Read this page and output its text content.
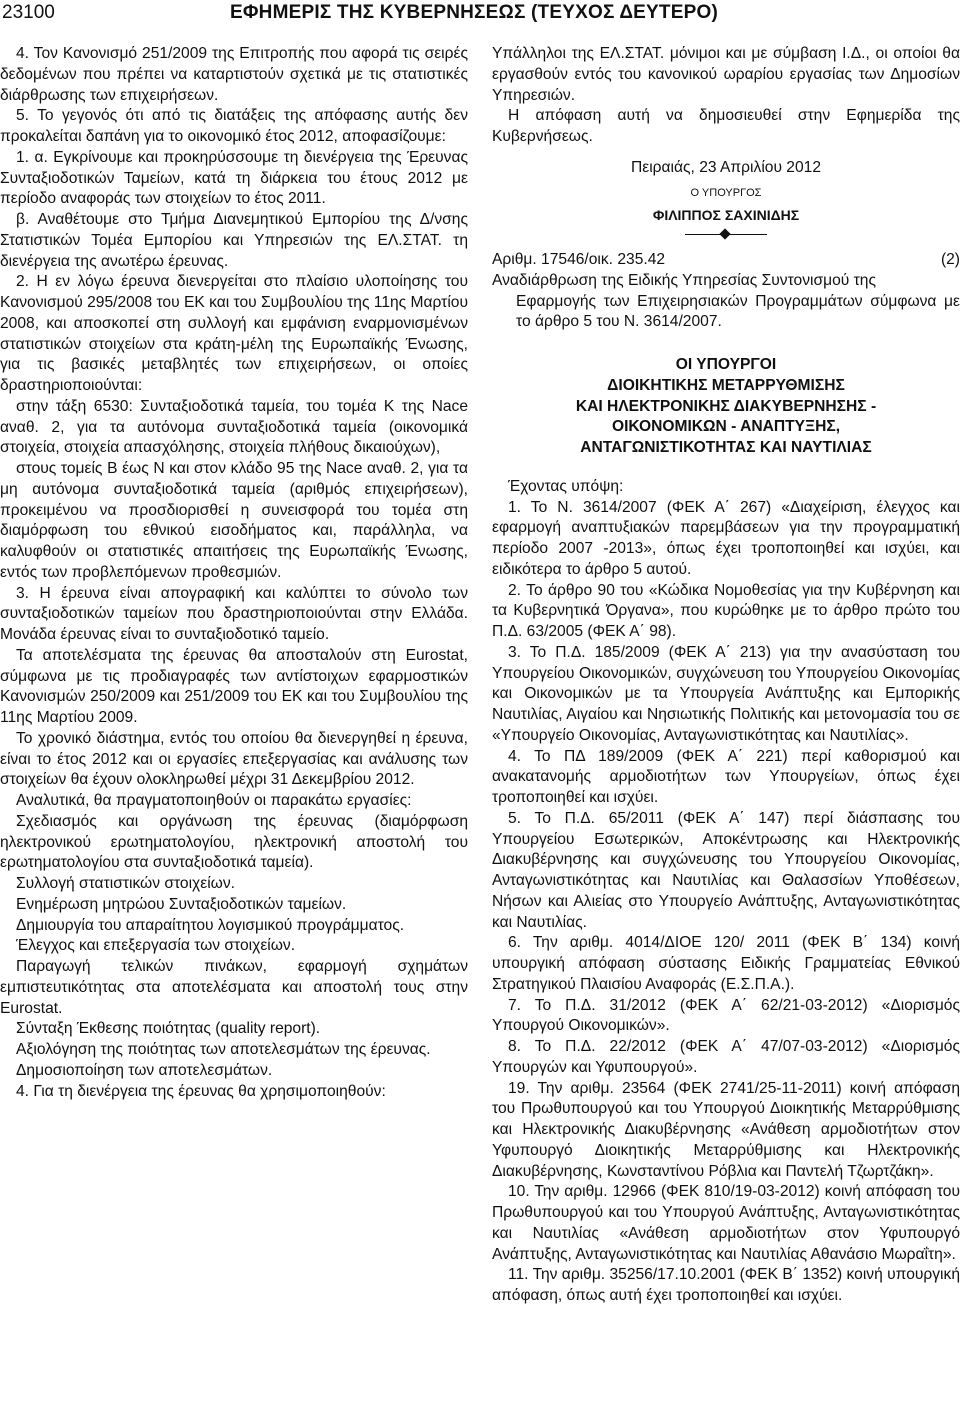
23100	ΕΦΗΜΕΡΙΣ ΤΗΣ ΚΥΒΕΡΝΗΣΕΩΣ (ΤΕΥΧΟΣ ΔΕΥΤΕΡΟ)

4. Τον Κανονισμό 251/2009 της Επιτροπής που αφορά τις σειρές δεδομένων που πρέπει να καταρτιστούν σχετικά με τις στατιστικές διάρθρωσης των επιχειρήσεων.

5. Το γεγονός ότι από τις διατάξεις της απόφασης αυτής δεν προκαλείται δαπάνη για το οικονομικό έτος 2012, αποφασίζουμε:

1. α. Εγκρίνουμε και προκηρύσσουμε τη διενέργεια της Έρευνας Συνταξιοδοτικών Ταμείων, κατά τη διάρκεια του έτους 2012 με περίοδο αναφοράς των στοιχείων το έτος 2011.

β. Αναθέτουμε στο Τμήμα Διανεμητικού Εμπορίου της Δ/νσης Στατιστικών Τομέα Εμπορίου και Υπηρεσιών της ΕΛ.ΣΤΑΤ. τη διενέργεια της ανωτέρω έρευνας.

2. Η εν λόγω έρευνα διενεργείται στο πλαίσιο υλοποίησης του Κανονισμού 295/2008 του ΕΚ και του Συμβουλίου της 11ης Μαρτίου 2008, και αποσκοπεί στη συλλογή και εμφάνιση εναρμονισμένων στατιστικών στοιχείων στα κράτη-μέλη της Ευρωπαϊκής Ένωσης, για τις βασικές μεταβλητές των επιχειρήσεων, οι οποίες δραστηριοποιούνται:

στην τάξη 6530: Συνταξιοδοτικά ταμεία, του τομέα Κ της Nace αναθ. 2, για τα αυτόνομα συνταξιοδοτικά ταμεία (οικονομικά στοιχεία, στοιχεία απασχόλησης, στοιχεία πλήθους δικαιούχων),

στους τομείς Β έως Ν και στον κλάδο 95 της Nace αναθ. 2, για τα μη αυτόνομα συνταξιοδοτικά ταμεία (αριθμός επιχειρήσεων), προκειμένου να προσδιορισθεί η συνεισφορά του τομέα στη διαμόρφωση του εθνικού εισοδήματος και, παράλληλα, να καλυφθούν οι στατιστικές απαιτήσεις της Ευρωπαϊκής Ένωσης, εντός των προβλεπόμενων προθεσμιών.

3. Η έρευνα είναι απογραφική και καλύπτει το σύνολο των συνταξιοδοτικών ταμείων που δραστηριοποιούνται στην Ελλάδα. Μονάδα έρευνας είναι το συνταξιοδοτικό ταμείο.

Τα αποτελέσματα της έρευνας θα αποσταλούν στη Eurostat, σύμφωνα με τις προδιαγραφές των αντίστοιχων εφαρμοστικών Κανονισμών 250/2009 και 251/2009 του ΕΚ και του Συμβουλίου της 11ης Μαρτίου 2009.

Το χρονικό διάστημα, εντός του οποίου θα διενεργηθεί η έρευνα, είναι το έτος 2012 και οι εργασίες επεξεργασίας και ανάλυσης των στοιχείων θα έχουν ολοκληρωθεί μέχρι 31 Δεκεμβρίου 2012.

Αναλυτικά, θα πραγματοποιηθούν οι παρακάτω εργασίες:

Σχεδιασμός και οργάνωση της έρευνας (διαμόρφωση ηλεκτρονικού ερωτηματολογίου, ηλεκτρονική αποστολή του ερωτηματολογίου στα συνταξιοδοτικά ταμεία).

Συλλογή στατιστικών στοιχείων.

Ενημέρωση μητρώου Συνταξιοδοτικών ταμείων.

Δημιουργία του απαραίτητου λογισμικού προγράμματος.

Έλεγχος και επεξεργασία των στοιχείων.

Παραγωγή τελικών πινάκων, εφαρμογή σχημάτων εμπιστευτικότητας στα αποτελέσματα και αποστολή τους στην Eurostat.

Σύνταξη Έκθεσης ποιότητας (quality report).

Αξιολόγηση της ποιότητας των αποτελεσμάτων της έρευνας.

Δημοσιοποίηση των αποτελεσμάτων.

4. Για τη διενέργεια της έρευνας θα χρησιμοποιηθούν:

Υπάλληλοι της ΕΛ.ΣΤΑΤ. μόνιμοι και με σύμβαση Ι.Δ., οι οποίοι θα εργασθούν εντός του κανονικού ωραρίου εργασίας των Δημοσίων Υπηρεσιών.

Η απόφαση αυτή να δημοσιευθεί στην Εφημερίδα της Κυβερνήσεως.

Πειραιάς, 23 Απριλίου 2012

Ο ΥΠΟΥΡΓΟΣ

ΦΙΛΙΠΠΟΣ ΣΑΧΙΝΙΔΗΣ

Αριθμ. 17546/οικ. 235.42	(2)

Αναδιάρθρωση της Ειδικής Υπηρεσίας Συντονισμού της

Εφαρμογής των Επιχειρησιακών Προγραμμάτων σύμφωνα με το άρθρο 5 του Ν. 3614/2007.

ΟΙ ΥΠΟΥΡΓΟΙ
ΔΙΟΙΚΗΤΙΚΗΣ ΜΕΤΑΡΡΥΘΜΙΣΗΣ
ΚΑΙ ΗΛΕΚΤΡΟΝΙΚΗΣ ΔΙΑΚΥΒΕΡΝΗΣΗΣ -
ΟΙΚΟΝΟΜΙΚΩΝ - ΑΝΑΠΤΥΞΗΣ,
ΑΝΤΑΓΩΝΙΣΤΙΚΟΤΗΤΑΣ ΚΑΙ ΝΑΥΤΙΛΙΑΣ

Έχοντας υπόψη:

1. Το Ν. 3614/2007 (ΦΕΚ Α΄ 267) «Διαχείριση, έλεγχος και εφαρμογή αναπτυξιακών παρεμβάσεων για την προγραμματική περίοδο 2007 -2013», όπως έχει τροποποιηθεί και ισχύει, και ειδικότερα το άρθρο 5 αυτού.

2. Το άρθρο 90 του «Κώδικα Νομοθεσίας για την Κυβέρνηση και τα Κυβερνητικά Όργανα», που κυρώθηκε με το άρθρο πρώτο του Π.Δ. 63/2005 (ΦΕΚ Α΄ 98).

3. Το Π.Δ. 185/2009 (ΦΕΚ Α΄ 213) για την ανασύσταση του Υπουργείου Οικονομικών, συγχώνευση του Υπουργείου Οικονομίας και Οικονομικών με τα Υπουργεία Ανάπτυξης και Εμπορικής Ναυτιλίας, Αιγαίου και Νησιωτικής Πολιτικής και μετονομασία του σε «Υπουργείο Οικονομίας, Ανταγωνιστικότητας και Ναυτιλίας».

4. Το ΠΔ 189/2009 (ΦΕΚ Α΄ 221) περί καθορισμού και ανακατανομής αρμοδιοτήτων των Υπουργείων, όπως έχει τροποποιηθεί και ισχύει.

5. Το Π.Δ. 65/2011 (ΦΕΚ Α΄ 147) περί διάσπασης του Υπουργείου Εσωτερικών, Αποκέντρωσης και Ηλεκτρονικής Διακυβέρνησης και συγχώνευσης του Υπουργείου Οικονομίας, Ανταγωνιστικότητας και Ναυτιλίας και Θαλασσίων Υποθέσεων, Νήσων και Αλιείας στο Υπουργείο Ανάπτυξης, Ανταγωνιστικότητας και Ναυτιλίας.

6. Την αριθμ. 4014/ΔΙΟΕ 120/ 2011 (ΦΕΚ Β΄ 134) κοινή υπουργική απόφαση σύστασης Ειδικής Γραμματείας Εθνικού Στρατηγικού Πλαισίου Αναφοράς (Ε.Σ.Π.Α.).

7. Το Π.Δ. 31/2012 (ΦΕΚ Α΄ 62/21-03-2012) «Διορισμός Υπουργού Οικονομικών».

8. Το Π.Δ. 22/2012 (ΦΕΚ Α΄ 47/07-03-2012) «Διορισμός Υπουργών και Υφυπουργού».

19. Την αριθμ. 23564 (ΦΕΚ 2741/25-11-2011) κοινή απόφαση του Πρωθυπουργού και του Υπουργού Διοικητικής Μεταρρύθμισης και Ηλεκτρονικής Διακυβέρνησης «Ανάθεση αρμοδιοτήτων στον Υφυπουργό Διοικητικής Μεταρρύθμισης και Ηλεκτρονικής Διακυβέρνησης, Κωνσταντίνου Ρόβλια και Παντελή Τζωρτζάκη».

10. Την αριθμ. 12966 (ΦΕΚ 810/19-03-2012) κοινή απόφαση του Πρωθυπουργού και του Υπουργού Ανάπτυξης, Ανταγωνιστικότητας και Ναυτιλίας «Ανάθεση αρμοδιοτήτων στον Υφυπουργό Ανάπτυξης, Ανταγωνιστικότητας και Ναυτιλίας Αθανάσιο Μωραΐτη».

11. Την αριθμ. 35256/17.10.2001 (ΦΕΚ Β΄ 1352) κοινή υπουργική απόφαση, όπως αυτή έχει τροποποιηθεί και ισχύει.
